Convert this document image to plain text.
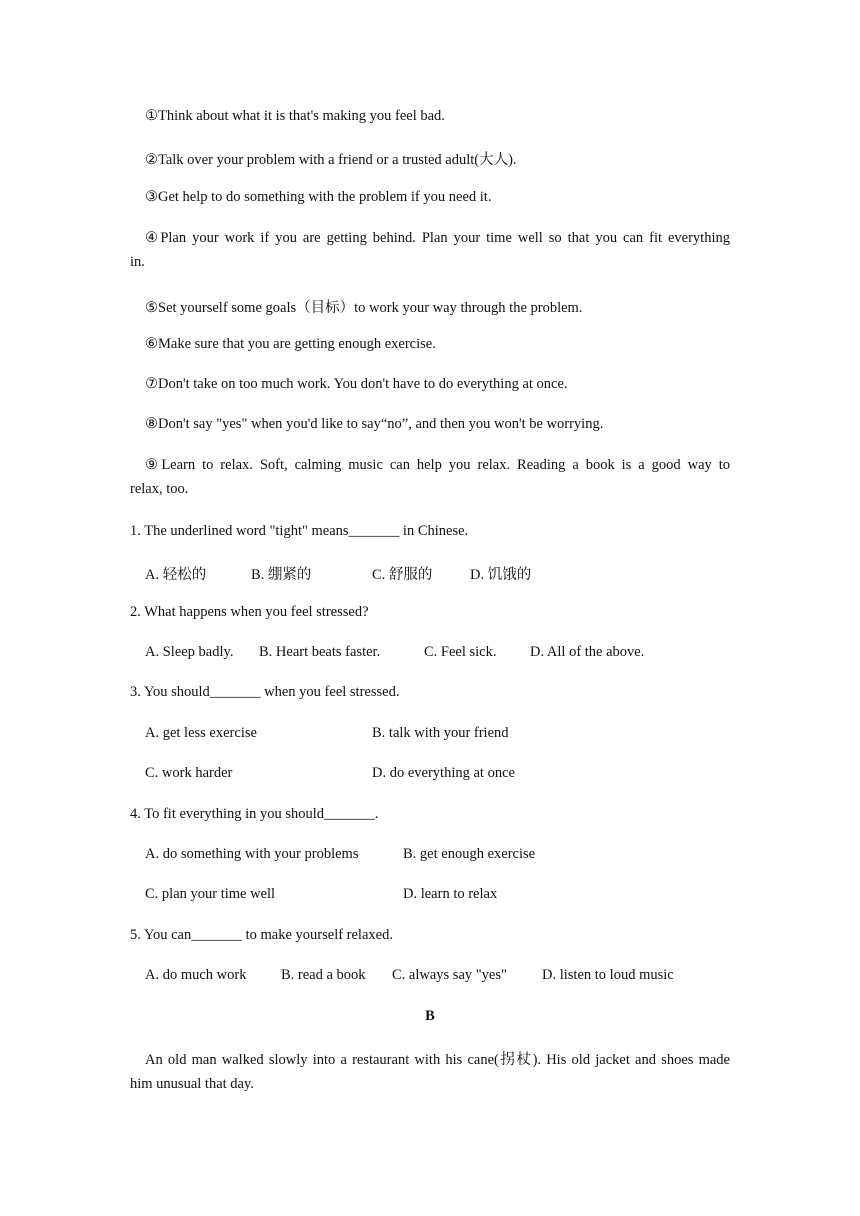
①Think about what it is that's making you feel bad.
②Talk over your problem with a friend or a trusted adult(大人).
③Get help to do something with the problem if you need it.
④Plan your work if you are getting behind. Plan your time well so that you can fit everything
in.
⑤Set yourself some goals（目标）to work your way through the problem.
⑥Make sure that you are getting enough exercise.
⑦Don't take on too much work. You don't have to do everything at once.
⑧Don't say "yes" when you'd like to say“no”, and then you won't be worrying.
⑨Learn to relax. Soft, calming music can help you relax. Reading a book is a good way to
relax, too.
1. The underlined word "tight" means_______ in Chinese.
A. 轻松的	B. 绷紧的	C. 舒服的	D. 饥饿的
2. What happens when you feel stressed?
A. Sleep badly. B. Heart beats faster.	C. Feel sick. D. All of the above.
3. You should_______ when you feel stressed.
A. get less exercise	B. talk with your friend
C. work harder	D. do everything at once
4. To fit everything in you should_______.
A. do something with your problems	B. get enough exercise
C. plan your time well	D. learn to relax
5. You can_______ to make yourself relaxed.
A. do much work B. read a book C. always say "yes" D. listen to loud music
B
An old man walked slowly into a restaurant with his cane(拐杖). His old jacket and shoes made
him unusual that day.
